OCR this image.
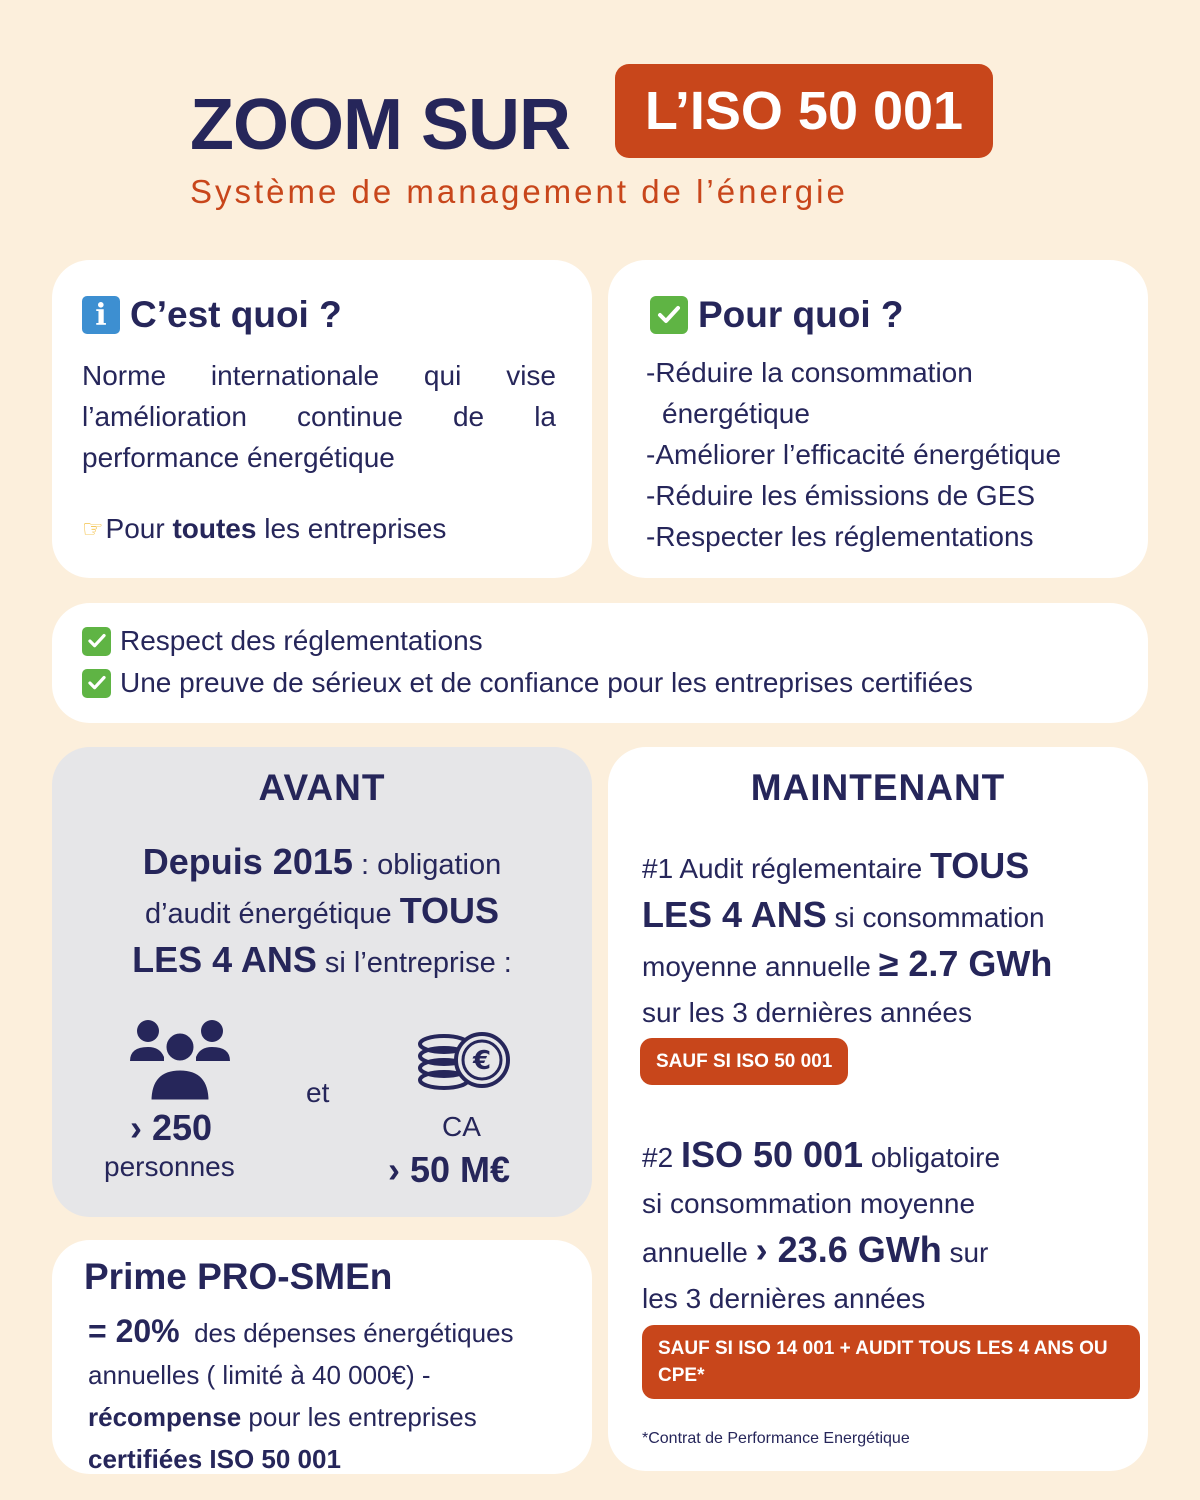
ZOOM SUR	L’ISO 50 001
Système de management de l’énergie
i C’est quoi ?
Norme internationale qui vise l’amélioration continue de la performance énergétique
☞ Pour
toutes
les entreprises
Pour quoi ?
-Réduire la consommation
énergétique
-Améliorer l’efficacité énergétique
-Réduire les émissions de GES
-Respecter les réglementations
Respect des réglementations
Une preuve de sérieux et de confiance pour les entreprises certifiées
AVANT
Depuis 2015 : obligation
d’audit énergétique TOUS
LES 4 ANS si l’entreprise :
€
et
› 250
personnes
CA
› 50 M€
Prime PRO-SMEn
= 20% des dépenses énergétiques annuelles ( limité à 40 000€) -
récompense pour les entreprises
certifiées ISO 50 001
MAINTENANT
#1 Audit réglementaire TOUS
LES 4 ANS si consommation
moyenne annuelle ≥ 2.7 GWh
sur les 3 dernières années
SAUF SI ISO 50 001
#2 ISO 50 001 obligatoire
si consommation moyenne
annuelle › 23.6 GWh sur
les 3 dernières années
SAUF SI ISO 14 001 + AUDIT TOUS LES 4 ANS OU CPE*
*Contrat de Performance Energétique
